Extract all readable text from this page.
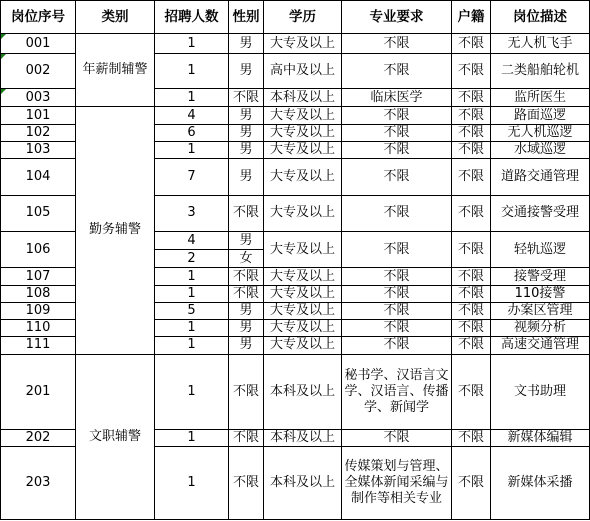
岗位序号	类别	招聘人数	性别	学历	专业要求	户籍	岗位描述
001	年薪制辅警	1	男	大专及以上	不限	不限	无人机飞手
002		1	男	高中及以上	不限	不限	二类船舶轮机
003		1	不限	本科及以上	临床医学	不限	监所医生
101	勤务辅警	4	男	大专及以上	不限	不限	路面巡逻
102		6	男	大专及以上	不限	不限	无人机巡逻
103		1	男	大专及以上	不限	不限	水域巡逻
104		7	男	大专及以上	不限	不限	道路交通管理
105		3	不限	大专及以上	不限	不限	交通接警受理
106		4	男	大专及以上	不限	不限	轻轨巡逻
		2	女				
107		1	不限	大专及以上	不限	不限	接警受理
108		1	不限	大专及以上	不限	不限	110接警
109		5	男	大专及以上	不限	不限	办案区管理
110		1	男	大专及以上	不限	不限	视频分析
111		1	男	大专及以上	不限	不限	高速交通管理
201	文职辅警	1	不限	本科及以上	秘书学、汉语言文学、汉语言、传播学、新闻学	不限	文书助理
202		1	不限	本科及以上	不限	不限	新媒体编辑
203		1	不限	本科及以上	传媒策划与管理、全媒体新闻采编与制作等相关专业	不限	新媒体采播
